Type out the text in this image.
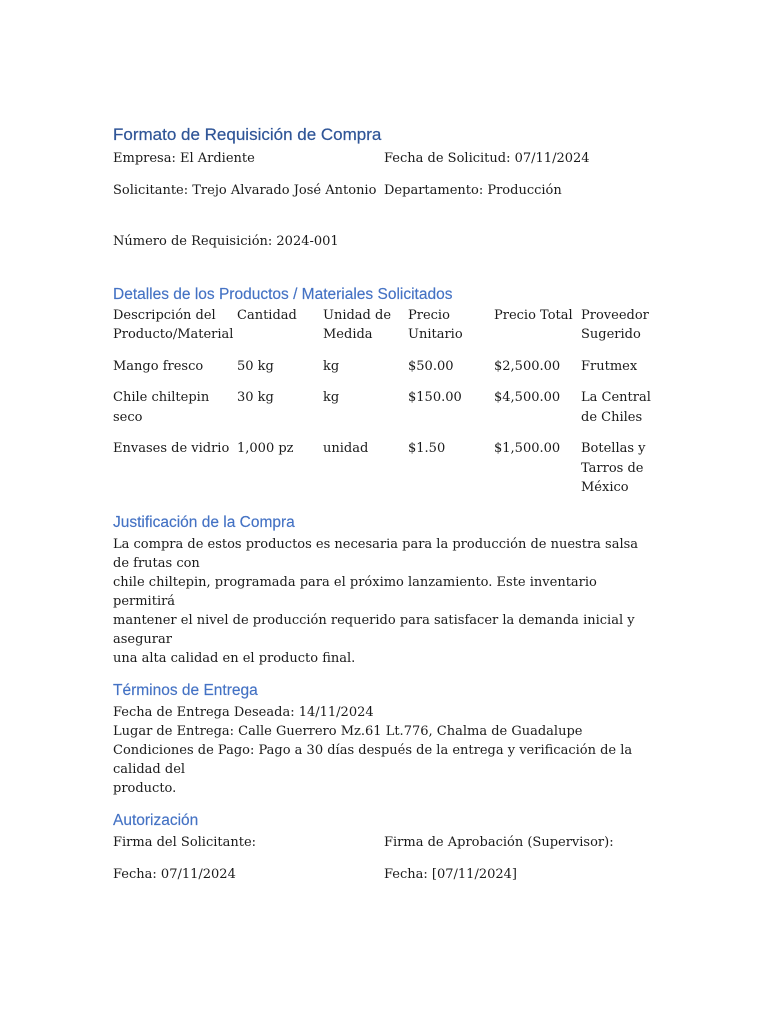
Formato de Requisición de Compra
Empresa: El Ardiente	Fecha de Solicitud: 07/11/2024
Solicitante: Trejo Alvarado José Antonio Departamento: Producción
Número de Requisición: 2024-001
Detalles de los Productos / Materiales Solicitados
Descripción del Producto/Material	Cantidad	Unidad de Medida	Precio Unitario	Precio Total	Proveedor Sugerido
Mango fresco	50 kg	kg	$50.00	$2,500.00	Frutmex
Chile chiltepin seco	30 kg	kg	$150.00	$4,500.00	La Central de Chiles
Envases de vidrio	1,000 pz	unidad	$1.50	$1,500.00	Botellas y Tarros de México
Justificación de la Compra

La compra de estos productos es necesaria para la producción de nuestra salsa de frutas con

chile chiltepin, programada para el próximo lanzamiento. Este inventario permitirá

mantener el nivel de producción requerido para satisfacer la demanda inicial y asegurar

una alta calidad en el producto final.

Términos de Entrega

Fecha de Entrega Deseada: 14/11/2024

Lugar de Entrega: Calle Guerrero Mz.61 Lt.776, Chalma de Guadalupe

Condiciones de Pago: Pago a 30 días después de la entrega y verificación de la calidad del

producto.

Autorización
Firma del Solicitante:	Firma de Aprobación (Supervisor):
Fecha: 07/11/2024	Fecha: [07/11/2024]
